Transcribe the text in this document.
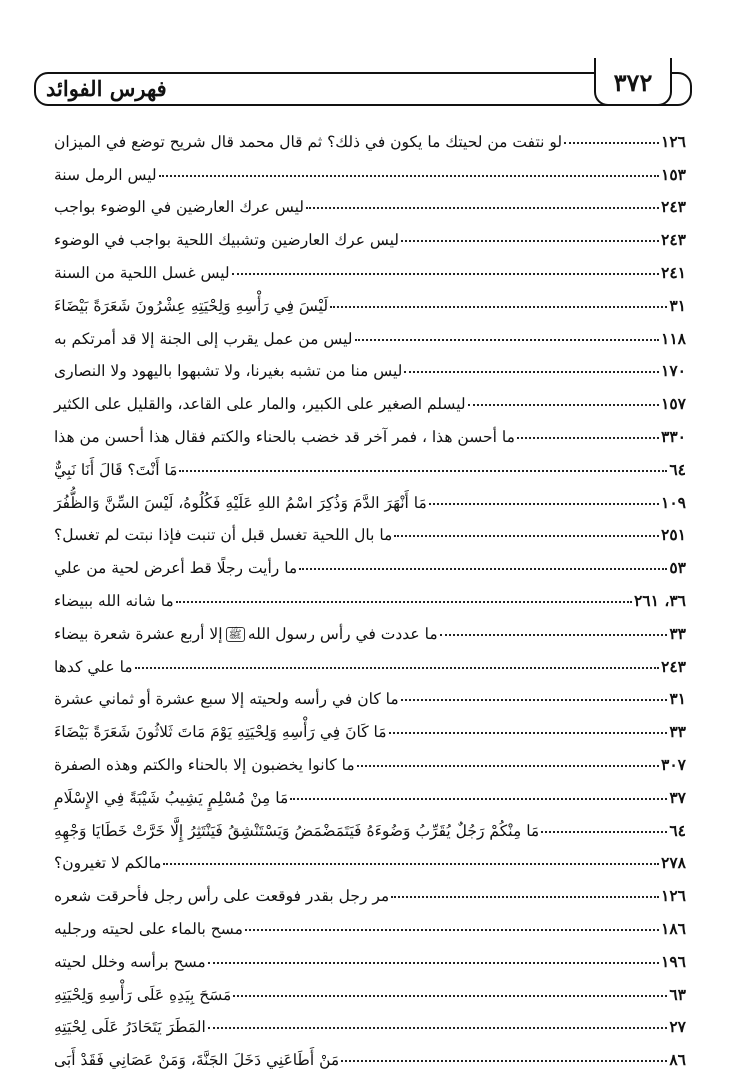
فهرس الفوائد	٣٧٢
لو نتفت من لحيتك ما يكون في ذلك؟ ثم قال محمد قال شريح توضع في الميزان	١٢٦
ليس الرمل سنة	١٥٣
ليس عرك العارضين في الوضوء بواجب	٢٤٣
ليس عرك العارضين وتشبيك اللحية بواجب في الوضوء	٢٤٣
ليس غسل اللحية من السنة	٢٤١
لَيْسَ فِي رَأْسِهِ وَلِحْيَتِهِ عِشْرُونَ شَعَرَةً بَيْضَاءَ	٣١
ليس من عمل يقرب إلى الجنة إلا قد أمرتكم به	١١٨
ليس منا من تشبه بغيرنا، ولا تشبهوا باليهود ولا النصارى	١٧٠
ليسلم الصغير على الكبير، والمار على القاعد، والقليل على الكثير	١٥٧
ما أحسن هذا ، فمر آخر قد خضب بالحناء والكتم فقال هذا أحسن من هذا	٣٣٠
مَا أَنْتَ؟ قَالَ أَنَا نَبِيٌّ	٦٤
مَا أَنْهَرَ الدَّمَ وَذُكِرَ اسْمُ اللهِ عَلَيْهِ فَكُلُوهُ، لَيْسَ السِّنَّ وَالظُّفُرَ	١٠٩
ما بال اللحية تغسل قبل أن تنبت فإذا نبتت لم تغسل؟	٢٥١
ما رأيت رجلًا قط أعرض لحية من علي	٥٣
ما شانه الله ببيضاء	٣٦، ٢٦١
ما عددت في رأس رسول اللهﷺإلا أربع عشرة شعرة بيضاء	٣٣
ما علي كدها	٢٤٣
ما كان في رأسه ولحيته إلا سبع عشرة أو ثماني عشرة	٣١
مَا كَانَ فِي رَأْسِهِ وَلِحْيَتِهِ يَوْمَ مَاتَ ثَلاثُونَ شَعَرَةً بَيْضَاءَ	٣٣
ما كانوا يخضبون إلا بالحناء والكتم وهذه الصفرة	٣٠٧
مَا مِنْ مُسْلِمٍ يَشِيبُ شَيْبَةً فِي الإِسْلَامِ	٣٧
مَا مِنْكُمْ رَجُلٌ يُقَرِّبُ وَضُوءَهُ فَيَتَمَضْمَضُ وَيَسْتَنْشِقُ فَيَنْتَثِرُ إِلَّا خَرَّتْ خَطَايَا وَجْهِهِ	٦٤
مالكم لا تغيرون؟	٢٧٨
مر رجل بقدر فوقعت على رأس رجل فأحرقت شعره	١٢٦
مسح بالماء على لحيته ورجليه	١٨٦
مسح برأسه وخلل لحيته	١٩٦
مَسَحَ بِيَدِهِ عَلَى رَأْسِهِ وَلِحْيَتِهِ	٦٣
المَطَرَ يَتَحَادَرُ عَلَى لِحْيَتِهِ	٢٧
مَنْ أَطَاعَنِي دَخَلَ الجَنَّةَ، وَمَنْ عَصَانِي فَقَدْ أَبَى	٨٦
